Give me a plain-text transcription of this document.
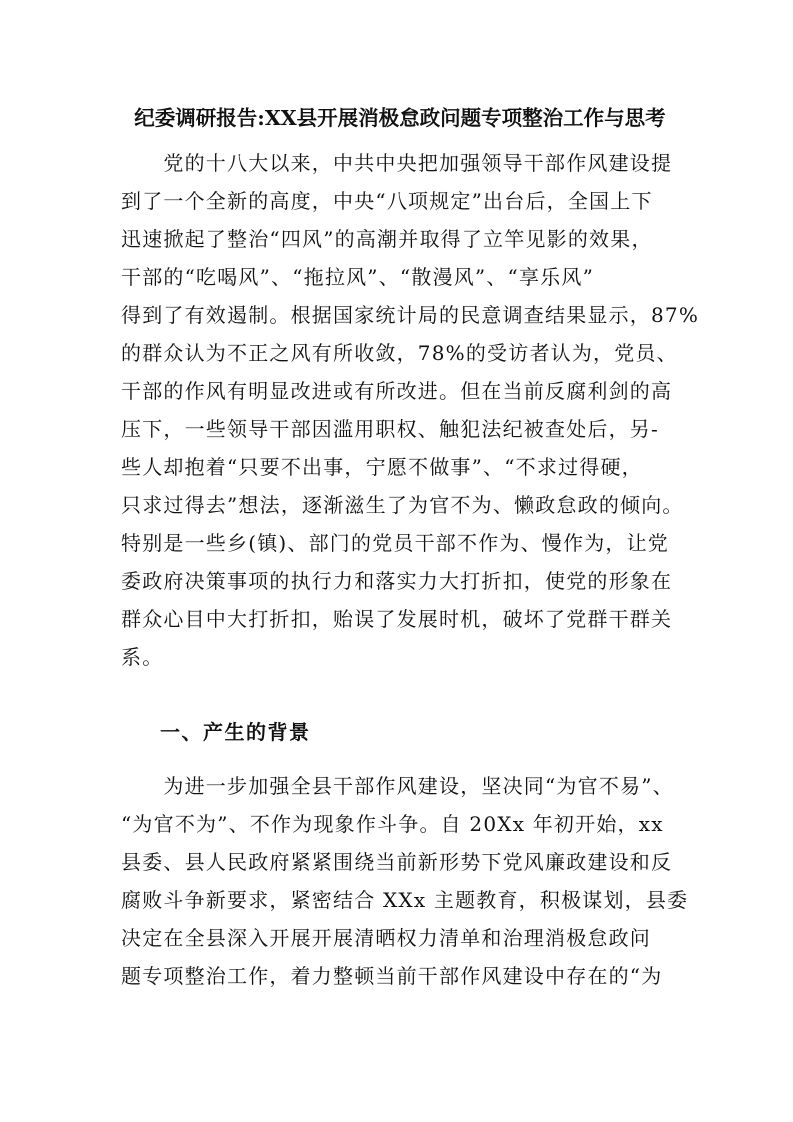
纪委调研报告:XX县开展消极怠政问题专项整治工作与思考
　　党的十八大以来，中共中央把加强领导干部作风建设提
到了一个全新的高度，中央“八项规定”出台后，全国上下
迅速掀起了整治“四风”的高潮并取得了立竿见影的效果，
干部的“吃喝风”、“拖拉风”、“散漫风”、“享乐风”
得到了有效遏制。根据国家统计局的民意调查结果显示，87%
的群众认为不正之风有所收敛，78%的受访者认为，党员、
干部的作风有明显改进或有所改进。但在当前反腐利剑的高
压下，一些领导干部因滥用职权、触犯法纪被查处后，另-
些人却抱着“只要不出事，宁愿不做事”、“不求过得硬，
只求过得去”想法，逐渐滋生了为官不为、懒政怠政的倾向。
特别是一些乡(镇)、部门的党员干部不作为、慢作为，让党
委政府决策事项的执行力和落实力大打折扣，使党的形象在
群众心目中大打折扣，贻误了发展时机，破坏了党群干群关
系。
一、产生的背景
　　为进一步加强全县干部作风建设，坚决同“为官不易”、
“为官不为”、不作为现象作斗争。自 20Xx 年初开始，xx
县委、县人民政府紧紧围绕当前新形势下党风廉政建设和反
腐败斗争新要求，紧密结合 XXx 主题教育，积极谋划，县委
决定在全县深入开展开展清晒权力清单和治理消极怠政问
题专项整治工作，着力整顿当前干部作风建设中存在的“为
